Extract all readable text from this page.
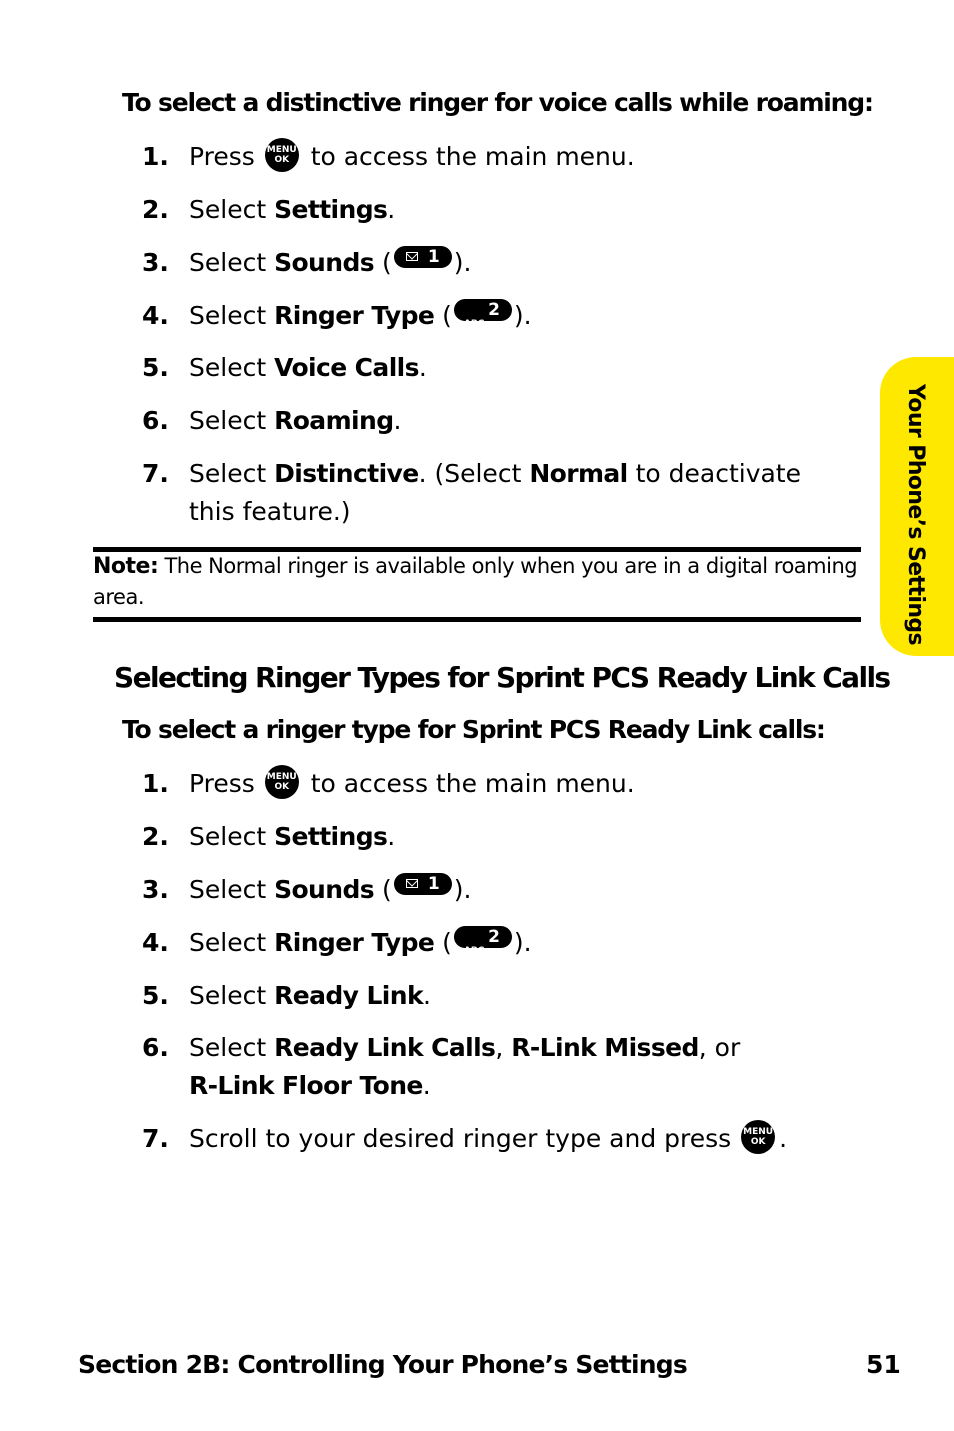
To select a distinctive ringer for voice calls while roaming:
1. Press MENU
OK to access the main menu.
2. Select Settings.
3. Select Sounds ( 1 ).
4. Select Ringer Type ( ABC
2 ).
5. Select Voice Calls.
6. Select Roaming.
7. Select Distinctive. (Select Normal to deactivate this feature.)
Note: The Normal ringer is available only when you are in a digital roaming area.
Selecting Ringer Types for Sprint PCS Ready Link Calls
To select a ringer type for Sprint PCS Ready Link calls:
1. Press MENU
OK to access the main menu.
2. Select Settings.
3. Select Sounds ( 1 ).
4. Select Ringer Type ( ABC
2 ).
5. Select Ready Link.
6. Select Ready Link Calls, R-Link Missed, or
R-Link Floor Tone.
7. Scroll to your desired ringer type and press MENU
OK .
Your Phone’s Settings
Section 2B: Controlling Your Phone’s Settings	51
